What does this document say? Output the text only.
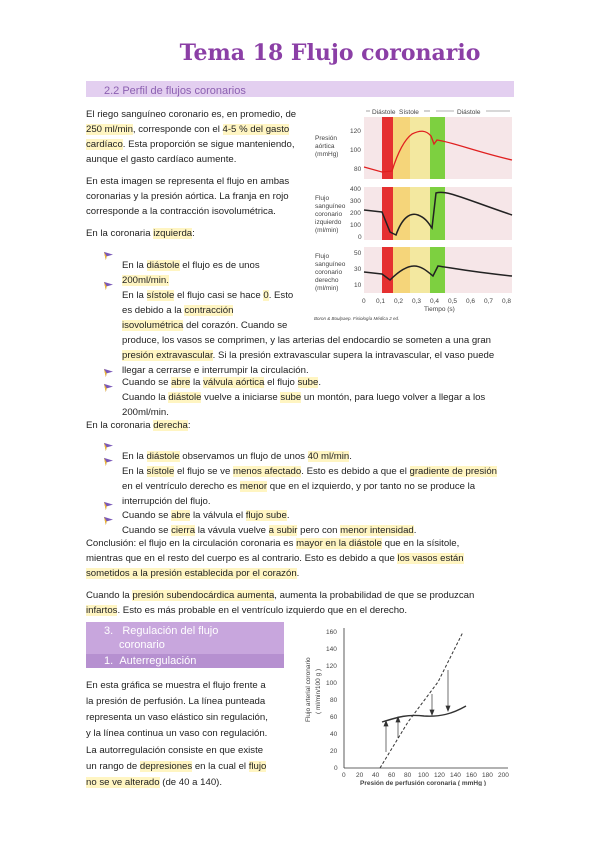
Tema 18 Flujo coronario
2.2 Perfil de flujos coronarios

El riego sanguíneo coronario es, en promedio, de

250 ml/min, corresponde con el 4-5 % del gasto

cardíaco. Esta proporción se sigue manteniendo,

aunque el gasto cardíaco aumente.

En esta imagen se representa el flujo en ambas

coronarias y la presión aórtica. La franja en rojo

corresponde a la contracción isovolumétrica.

En la coronaria izquierda:

En la diástole el flujo es de unos

200ml/min.

En la sístole el flujo casi se hace 0. Esto

es debido a la contracción

isovolumétrica del corazón. Cuando se

produce, los vasos se comprimen, y las arterias del endocardio se someten a una gran

presión extravascular. Si la presión extravascular supera la intravascular, el vaso puede

llegar a cerrarse e interrumpir la circulación.

Cuando se abre la válvula aórtica el flujo sube.

Cuando la diástole vuelve a iniciarse sube un montón, para luego volver a llegar a los

200ml/min.

En la coronaria derecha:

En la diástole observamos un flujo de unos 40 ml/min.

En la sístole el flujo se ve menos afectado. Esto es debido a que el gradiente de presión

en el ventrículo derecho es menor que en el izquierdo, y por tanto no se produce la

interrupción del flujo.

Cuando se abre la válvula el flujo sube.

Cuando se cierra la vávula vuelve a subir pero con menor intensidad.

Conclusión: el flujo en la circulación coronaria es mayor en la diástole que en la sísitole,

mientras que en el resto del cuerpo es al contrario. Esto es debido a que los vasos están

sometidos a la presión establecida por el corazón.

Cuando la presión subendocárdica aumenta, aumenta la probabilidad de que se produzcan

infartos. Esto es más probable en el ventrículo izquierdo que en el derecho.

3. Regulación del flujo
coronario
1. Auterregulación

En esta gráfica se muestra el flujo frente a

la presión de perfusión. La línea punteada

representa un vaso elástico sin regulación,

y la línea continua un vaso con regulación.

La autorregulación consiste en que existe

un rango de depresiones en la cual el flujo

no se ve alterado (de 40 a 140).

Diástole Sístole	Diástole
Presión
aórtica
(mmHg)
120
100
80
Flujo
sanguíneo
coronario
izquierdo
(ml/min)
400
300
200
100
0
Flujo
sanguíneo
coronario
derecho
(ml/min)
50
30
10
0 0,1 0,2 0,3 0,4 0,5 0,6 0,7 0,8
Tiempo (s)
Boron & Boulpaep. Fisiología Médica 2 ed.
0
20
40
60
80
100
120
140
160
0 20 40 60 80 100 120 140 160 180 200
Presión de perfusión coronaria ( mmHg )
Flujo arterial coronario ( ml/min/100 g )
